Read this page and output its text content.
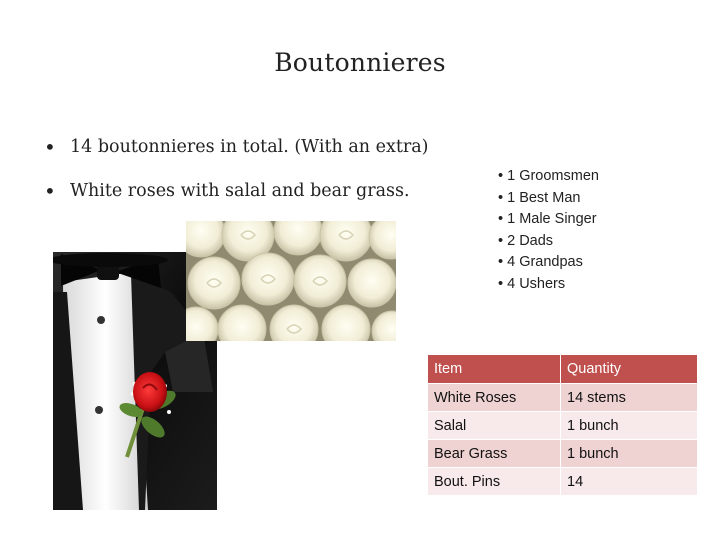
Boutonnieres
• 14 boutonnieres in total. (With an extra)
• White roses with salal and bear grass.
• 1 Groomsmen
• 1 Best Man
• 1 Male Singer
• 2 Dads
• 4 Grandpas
• 4 Ushers
Item	Quantity
White Roses	14 stems
Salal	1 bunch
Bear Grass	1 bunch
Bout. Pins	14
